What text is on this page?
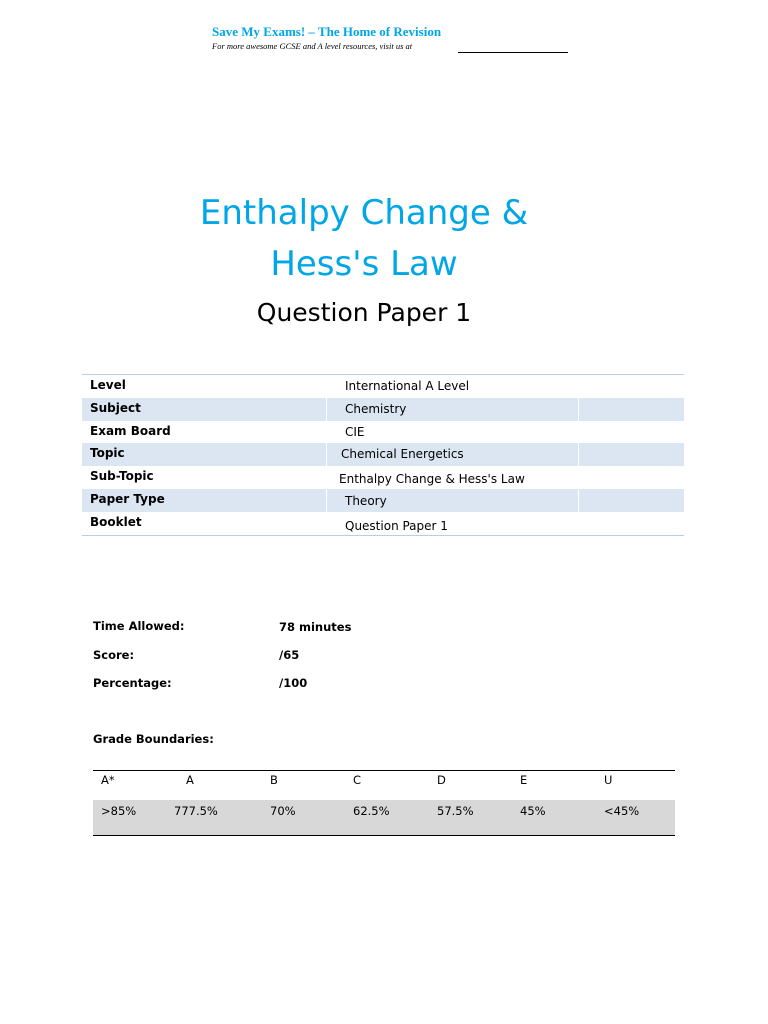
Save My Exams! – The Home of Revision
For more awesome GCSE and A level resources, visit us at
Enthalpy Change &
Hess's Law
Question Paper 1
Level	International A Level
Subject	Chemistry
Exam Board	CIE
Topic	Chemical Energetics
Sub-Topic	Enthalpy Change & Hess's Law
Paper Type	Theory
Booklet	Question Paper 1
Time Allowed:	78 minutes
Score:	/65
Percentage:	/100
Grade Boundaries:
A*	A	B	C	D	E	U
>85%	777.5%	70%	62.5%	57.5%	45%	<45%
